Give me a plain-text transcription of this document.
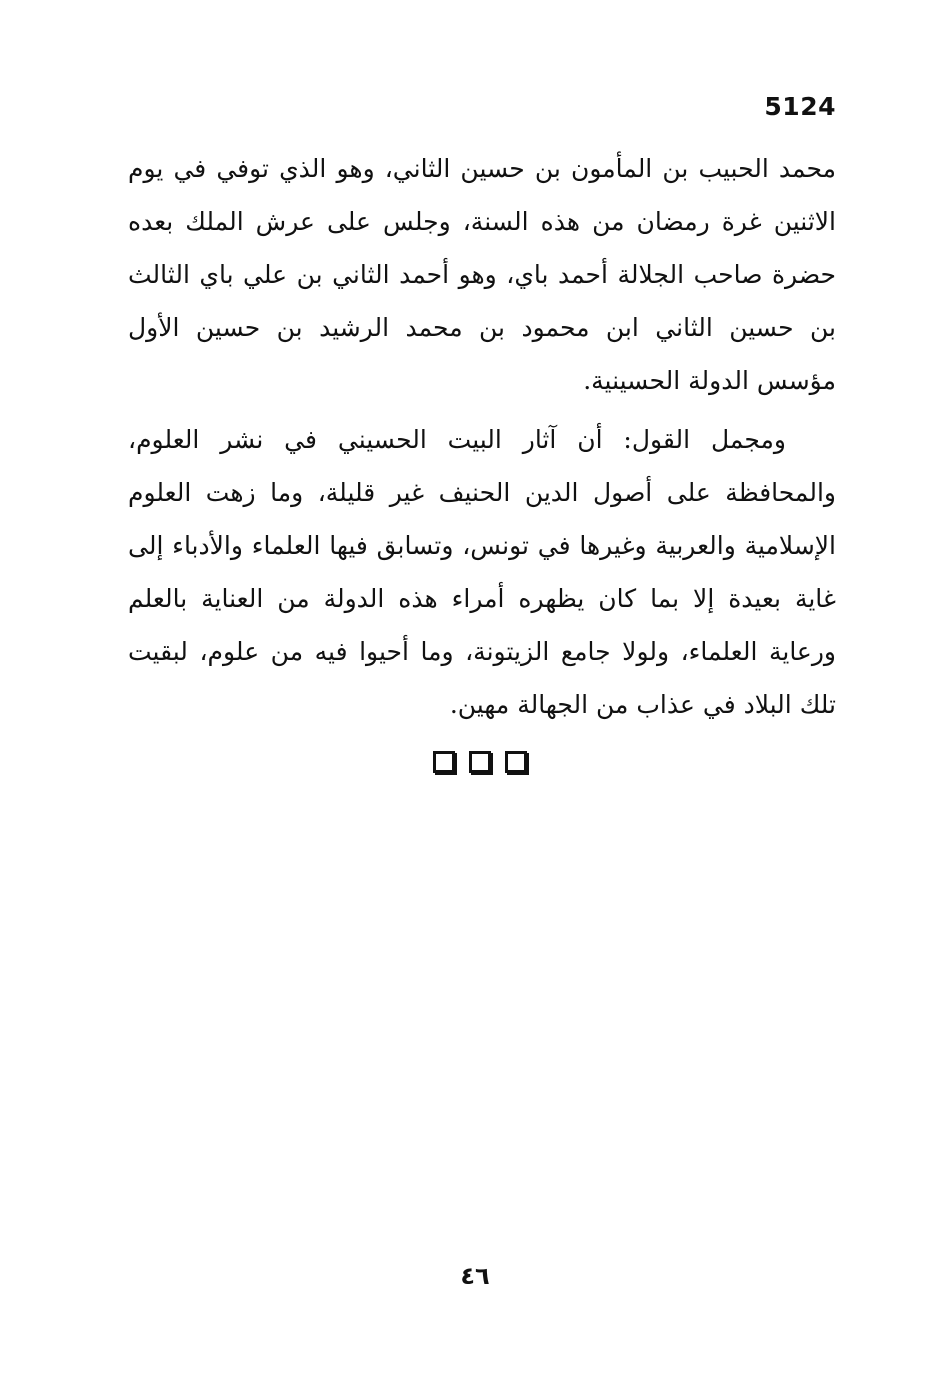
5124

محمد الحبيب بن المأمون بن حسين الثاني، وهو الذي توفي في يوم الاثنين غرة رمضان من هذه السنة، وجلس على عرش الملك بعده حضرة صاحب الجلالة أحمد باي، وهو أحمد الثاني بن علي باي الثالث بن حسين الثاني ابن محمود بن محمد الرشيد بن حسين الأول مؤسس الدولة الحسينية.

ومجمل القول: أن آثار البيت الحسيني في نشر العلوم، والمحافظة على أصول الدين الحنيف غير قليلة، وما زهت العلوم الإسلامية والعربية وغيرها في تونس، وتسابق فيها العلماء والأدباء إلى غاية بعيدة إلا بما كان يظهره أمراء هذه الدولة من العناية بالعلم ورعاية العلماء، ولولا جامع الزيتونة، وما أحيوا فيه من علوم، لبقيت تلك البلاد في عذاب من الجهالة مهين.

٤٦
